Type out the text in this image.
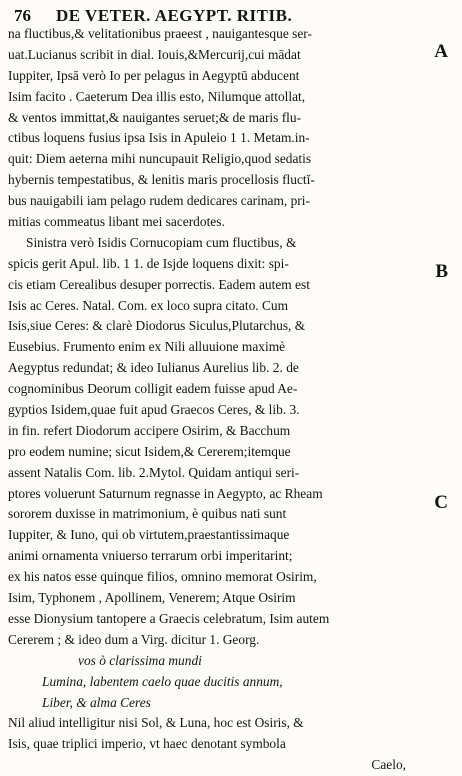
76 DE VETER. AEGYPT. RITIB.
A
B
C
na fluctibus,& velitationibus praeest , nauigantesque ser-
uat.Lucianus scribit in dial. Iouis,&Mercurij,cui mādat
Iuppiter, Ipsā verò Io per pelagus in Aegyptū abducent
Isim facito . Caeterum Dea illis esto, Nilumque attollat,
& ventos immittat,& nauigantes seruet;& de maris flu-
ctibus loquens fusius ipsa Isis in Apuleio 1 1. Metam.in-
quit: Diem aeterna mihi nuncupauit Religio,quod sedatis
hybernis tempestatibus, & lenitis maris procellosis fluctĭ-
bus nauigabili iam pelago rudem dedicares carinam, pri-
mitias commeatus libant mei sacerdotes.
Sinistra verò Isidis Cornucopiam cum fluctibus, &
spicis gerit Apul. lib. 1 1. de Isjde loquens dixit: spi-
cis etiam Cerealibus desuper porrectis. Eadem autem est
Isis ac Ceres. Natal. Com. ex loco supra citato. Cum
Isis,siue Ceres: & clarè Diodorus Siculus,Plutarchus, &
Eusebius. Frumento enim ex Nili alluuione maximè
Aegyptus redundat; & ideo Iulianus Aurelius lib. 2. de
cognominibus Deorum colligit eadem fuisse apud Ae-
gyptios Isidem,quae fuit apud Graecos Ceres, & lib. 3.
in fin. refert Diodorum accipere Osirim, & Bacchum
pro eodem numine; sicut Isidem,& Cererem;itemque
assent Natalis Com. lib. 2.Mytol. Quidam antiqui seri-
ptores voluerunt Saturnum regnasse in Aegypto, ac Rheam
sororem duxisse in matrimonium, è quibus nati sunt
Iuppiter, & Iuno, qui ob virtutem,praestantissimaque
animi ornamenta vniuerso terrarum orbi imperitarint;
ex his natos esse quinque filios, omnino memorat Osirim,
Isim, Typhonem , Apollinem, Venerem; Atque Osirim
esse Dionysium tantopere a Graecis celebratum, Isim autem
Cererem ; & ideo dum a Virg. dicitur 1. Georg.
vos ò clarissima mundi
Lumina, labentem caelo quae ducitis annum,
Liber, & alma Ceres
Nil aliud intelligitur nisi Sol, & Luna, hoc est Osiris, &
Isis, quae triplici imperio, vt haec denotant symbola
Caelo,
